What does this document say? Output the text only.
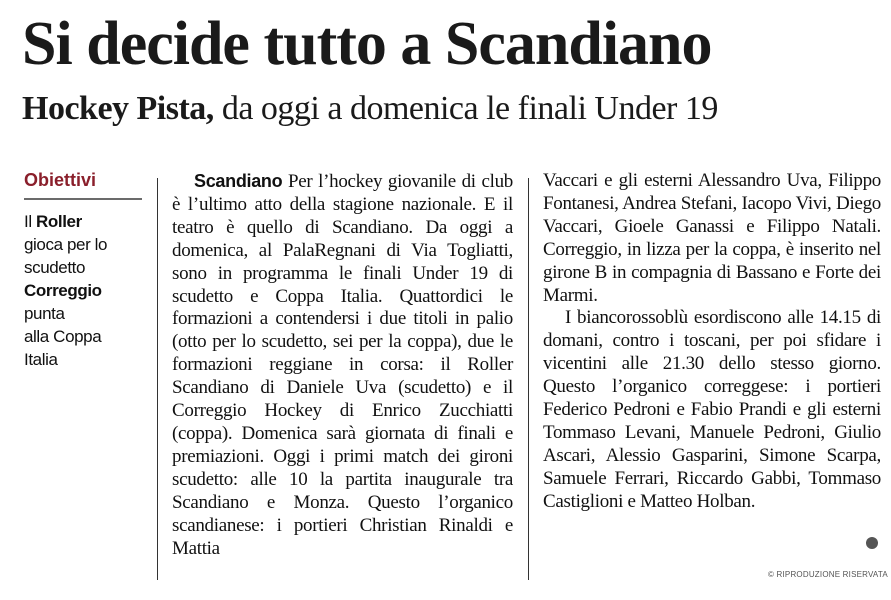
Si decide tutto a Scandiano
Hockey Pista, da oggi a domenica le finali Under 19
Obiettivi
Il Roller
gioca per lo
scudetto
Correggio
punta
alla Coppa
Italia
Scandiano Per l’hockey giovanile di club è l’ultimo atto della stagione nazionale. E il teatro è quello di Scandiano. Da oggi a domenica, al PalaRegnani di Via Togliatti, sono in programma le finali Under 19 di scudetto e Coppa Italia. Quattordici le formazioni a contendersi i due titoli in palio (otto per lo scudetto, sei per la coppa), due le formazioni reggiane in corsa: il Roller Scandiano di Daniele Uva (scudetto) e il Correggio Hockey di Enrico Zucchiatti (coppa). Domenica sarà giornata di finali e premiazioni. Oggi i primi match dei gironi scudetto: alle 10 la partita inaugurale tra Scandiano e Monza. Questo l’organico scandianese: i portieri Christian Rinaldi e Mattia
Vaccari e gli esterni Alessandro Uva, Filippo Fontanesi, Andrea Stefani, Iacopo Vivi, Diego Vaccari, Gioele Ganassi e Filippo Natali. Correggio, in lizza per la coppa, è inserito nel girone B in compagnia di Bassano e Forte dei Marmi.
I biancorossoblù esordiscono alle 14.15 di domani, contro i toscani, per poi sfidare i vicentini alle 21.30 dello stesso giorno. Questo l’organico correggese: i portieri Federico Pedroni e Fabio Prandi e gli esterni Tommaso Levani, Manuele Pedroni, Giulio Ascari, Alessio Gasparini, Simone Scarpa, Samuele Ferrari, Riccardo Gabbi, Tommaso Castiglioni e Matteo Holban.
© RIPRODUZIONE RISERVATA
